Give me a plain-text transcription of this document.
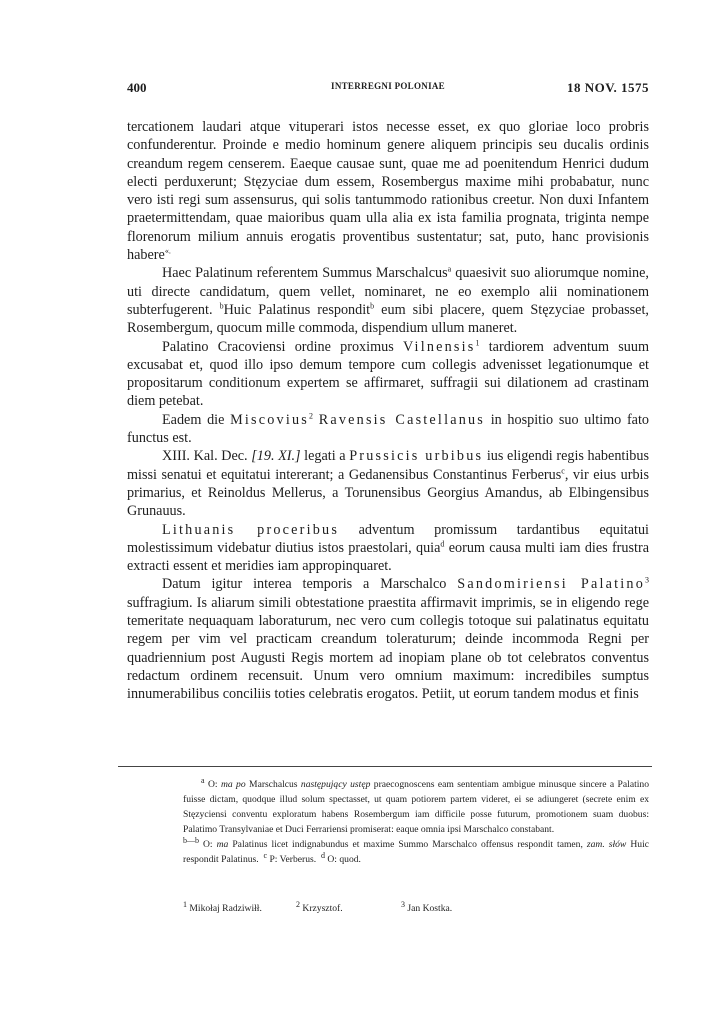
400	INTERREGNI POLONIAE	18 NOV. 1575

tercationem laudari atque vituperari istos necesse esset, ex quo gloriae loco probris confunderentur. Proinde e medio hominum genere aliquem principis seu ducalis ordinis creandum regem censerem. Eaeque causae sunt, quae me ad poenitendum Henrici dudum electi perduxerunt; Stęzyciae dum essem, Rosembergus maxime mihi probabatur, nunc vero isti regi sum assensurus, qui solis tantummodo rationibus creetur. Non duxi Infantem praetermittendam, quae maioribus quam ulla alia ex ista familia prognata, triginta nempe florenorum milium annuis erogatis proventibus sustentatur; sat, puto, hanc provisionis habere«.

Haec Palatinum referentem Summus Marschalcus$^a$ quaesivit suo aliorumque nomine, uti directe candidatum, quem vellet, nominaret, ne eo exemplo alii nominationem subterfugerent. $^b$Huic Palatinus respondit$^b$ eum sibi placere, quem Stęzyciae probasset, Rosembergum, quocum mille commoda, dispendium ullum maneret.

Palatino Cracoviensi ordine proximus Vilnensis$^1$ tardiorem adventum suum excusabat et, quod illo ipso demum tempore cum collegis advenisset legationumque et propositarum conditionum expertem se affirmaret, suffragii sui dilationem ad crastinam diem petebat.

Eadem die Miscovius$^2$ Ravensis Castellanus in hospitio suo ultimo fato functus est.

XIII. Kal. Dec. [19. XI.] legati a Prussicis urbibus ius eligendi regis habentibus missi senatui et equitatui intererant; a Gedanensibus Constantinus Ferberus$^c$, vir eius urbis primarius, et Reinoldus Mellerus, a Torunensibus Georgius Amandus, ab Elbingensibus Grunauus.

Lithuanis proceribus adventum promissum tardantibus equitatui molestissimum videbatur diutius istos praestolari, quia$^d$ eorum causa multi iam dies frustra extracti essent et meridies iam appropinquaret.

Datum igitur interea temporis a Marschalco Sandomiriensi Palatino$^3$ suffragium. Is aliarum simili obtestatione praestita affirmavit imprimis, se in eligendo rege temeritate nequaquam laboraturum, nec vero cum collegis totoque sui palatinatus equitatu regem per vim vel practicam creandum toleraturum; deinde incommoda Regni per quadriennium post Augusti Regis mortem ad inopiam plane ob tot celebratos conventus redactum ordinem recensuit. Unum vero omnium maximum: incredibiles sumptus innumerabilibus conciliis toties celebratis erogatos. Petiit, ut eorum tandem modus et finis

$^a$ O: ma po Marschalcus następujący ustęp praecognoscens eam sententiam ambigue minusque sincere a Palatino fuisse dictam, quodque illud solum spectasset, ut quam potiorem partem videret, ei se adiungeret (secrete enim ex Stęzyciensi conventu exploratum habens Rosembergum iam difficile posse futurum, promotionem suam duobus: Palatimo Transylvaniae et Duci Ferrariensi promiserat: eaque omnia ipsi Marschalco constabant.

$^{b—b}$ O: ma Palatinus licet indignabundus et maxime Summo Marschalco offensus respondit tamen, zam. słów Huic respondit Palatinus. $^c$ P: Verberus. $^d$ O: quod.

$^1$ Mikołaj Radziwiłł.	$^2$ Krzysztof.	$^3$ Jan Kostka.
